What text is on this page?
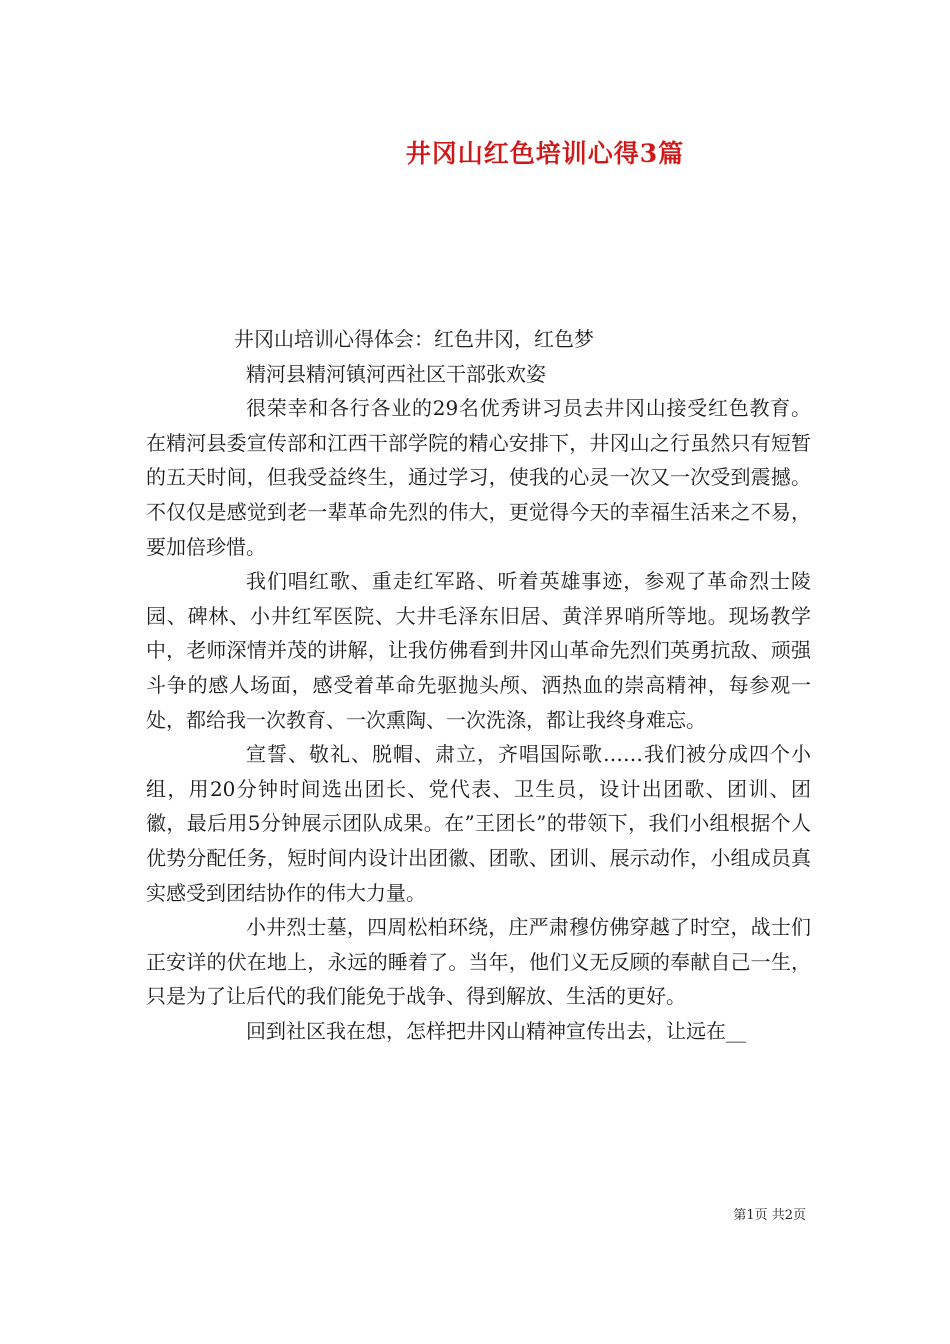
井冈山红色培训心得3篇

井冈山培训心得体会：红色井冈，红色梦

精河县精河镇河西社区干部张欢姿

很荣幸和各行各业的29名优秀讲习员去井冈山接受红色教育。在精河县委宣传部和江西干部学院的精心安排下，井冈山之行虽然只有短暂的五天时间，但我受益终生，通过学习，使我的心灵一次又一次受到震撼。不仅仅是感觉到老一辈革命先烈的伟大，更觉得今天的幸福生活来之不易，要加倍珍惜。

我们唱红歌、重走红军路、听着英雄事迹，参观了革命烈士陵园、碑林、小井红军医院、大井毛泽东旧居、黄洋界哨所等地。现场教学中，老师深情并茂的讲解，让我仿佛看到井冈山革命先烈们英勇抗敌、顽强斗争的感人场面，感受着革命先驱抛头颅、洒热血的崇高精神，每参观一处，都给我一次教育、一次熏陶、一次洗涤，都让我终身难忘。

宣誓、敬礼、脱帽、肃立，齐唱国际歌……我们被分成四个小组，用20分钟时间选出团长、党代表、卫生员，设计出团歌、团训、团徽，最后用5分钟展示团队成果。在”王团长”的带领下，我们小组根据个人优势分配任务，短时间内设计出团徽、团歌、团训、展示动作，小组成员真实感受到团结协作的伟大力量。

小井烈士墓，四周松柏环绕，庄严肃穆仿佛穿越了时空，战士们正安详的伏在地上，永远的睡着了。当年，他们义无反顾的奉献自己一生，只是为了让后代的我们能免于战争、得到解放、生活的更好。

回到社区我在想，怎样把井冈山精神宣传出去，让远在__

第1页 共2页
